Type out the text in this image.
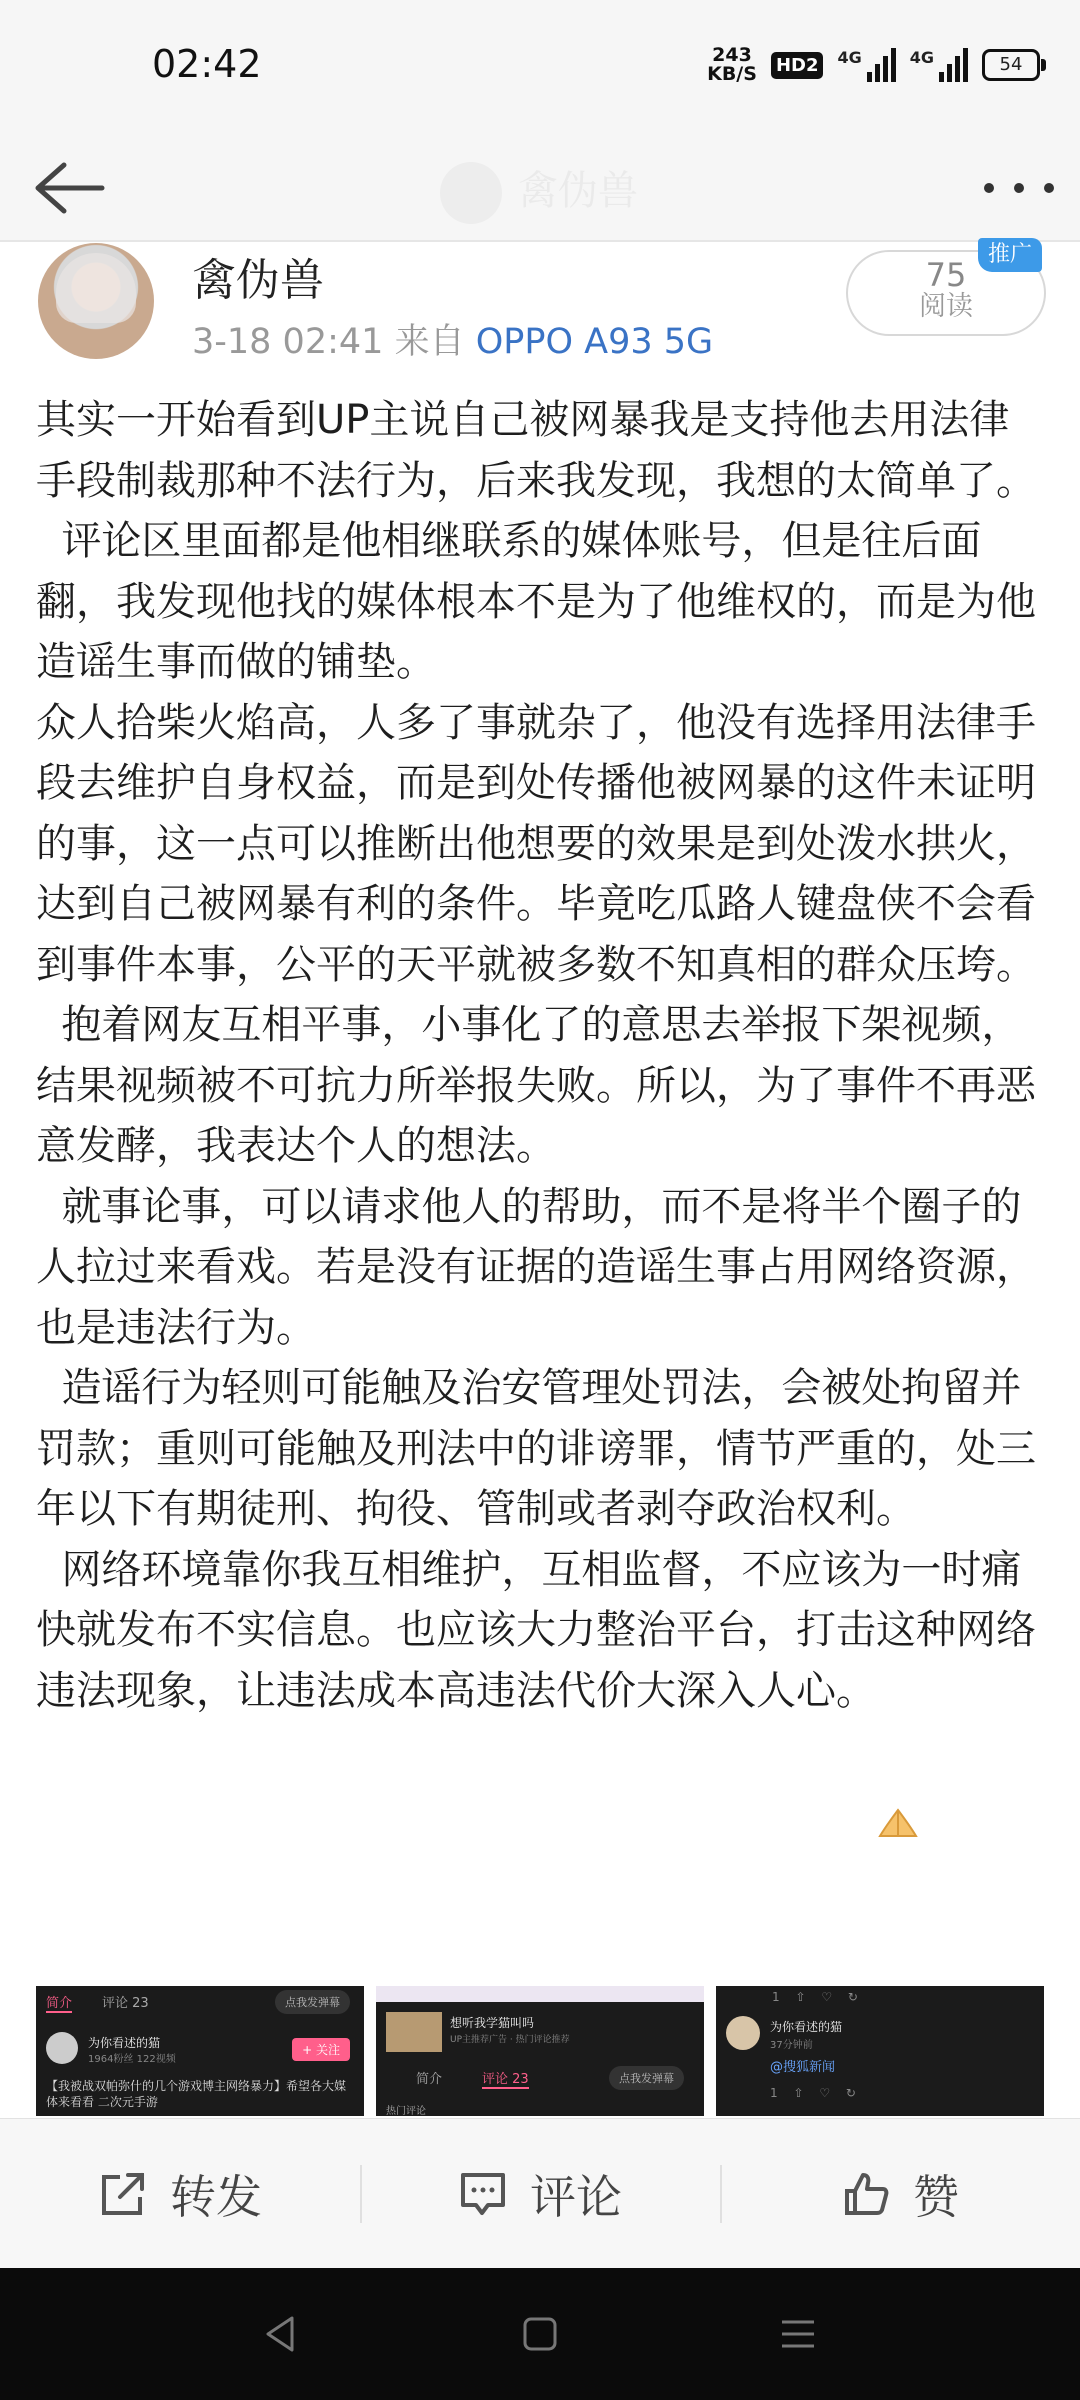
02:42	243
KB/S HD2	4G	4G	54
禽伪兽
禽伪兽
3-18 02:41 来自 OPPO A93 5G
75
阅读
推广

其实一开始看到UP主说自己被网暴我是支持他去用法律手段制裁那种不法行为，后来我发现，我想的太简单了。

评论区里面都是他相继联系的媒体账号，但是往后面翻，我发现他找的媒体根本不是为了他维权的，而是为他造谣生事而做的铺垫。

众人拾柴火焰高，人多了事就杂了，他没有选择用法律手段去维护自身权益，而是到处传播他被网暴的这件未证明的事，这一点可以推断出他想要的效果是到处泼水拱火，达到自己被网暴有利的条件。毕竟吃瓜路人键盘侠不会看到事件本事，公平的天平就被多数不知真相的群众压垮。

抱着网友互相平事，小事化了的意思去举报下架视频，结果视频被不可抗力所举报失败。所以，为了事件不再恶意发酵，我表达个人的想法。

就事论事，可以请求他人的帮助，而不是将半个圈子的人拉过来看戏。若是没有证据的造谣生事占用网络资源，也是违法行为。

造谣行为轻则可能触及治安管理处罚法，会被处拘留并罚款；重则可能触及刑法中的诽谤罪，情节严重的，处三年以下有期徒刑、拘役、管制或者剥夺政治权利。

网络环境靠你我互相维护，互相监督，不应该为一时痛快就发布不实信息。也应该大力整治平台，打击这种网络违法现象，让违法成本高违法代价大深入人心。

简介 评论 23	点我发弹幕
为你看述的猫
1964粉丝 122视频
+ 关注
【我被战双帕弥什的几个游戏博主网络暴力】希望各大媒体来看看 二次元手游
想听我学猫叫吗
UP主推荐广告 · 热门评论推荐
简介	评论 23	点我发弹幕
热门评论
1 ⇧ ♡ ↻
为你看述的猫
37分钟前
@搜狐新闻
1 ⇧ ♡ ↻
转发	评论	赞
